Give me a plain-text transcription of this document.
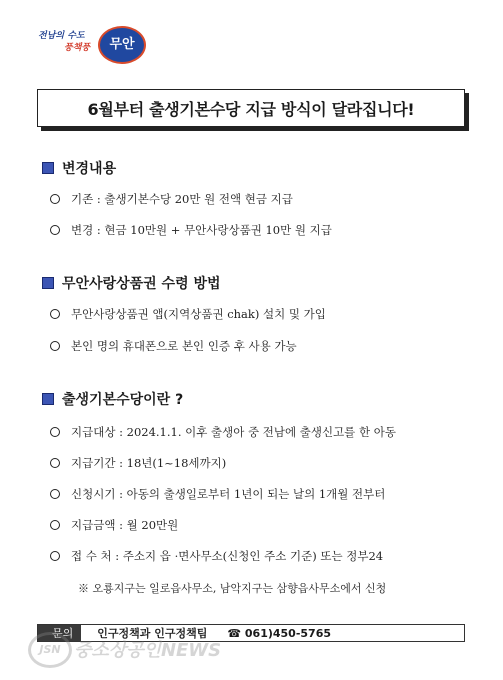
전남의 수도
풍책풍	무안
6월부터 출생기본수당 지급 방식이 달라집니다!
변경내용
기존 : 출생기본수당 20만 원 전액 현금 지급
변경 : 현금 10만원 + 무안사랑상품권 10만 원 지급
무안사랑상품권 수령 방법
무안사랑상품권 앱(지역상품권 chak) 설치 및 가입
본인 명의 휴대폰으로 본인 인증 후 사용 가능
출생기본수당이란 ?
지급대상 : 2024.1.1. 이후 출생아 중 전남에 출생신고를 한 아동
지급기간 : 18년(1~18세까지)
신청시기 : 아동의 출생일로부터 1년이 되는 날의 1개월 전부터
지급금액 : 월 20만원
접 수 처 : 주소지 읍 ·면사무소(신청인 주소 기준) 또는 정부24
※ 오룡지구는 일로읍사무소, 남악지구는 삼향읍사무소에서 신청
문의	인구정책과 인구정책팀 ☎ 061)450-5765
JSN 중소상공인NEWS
